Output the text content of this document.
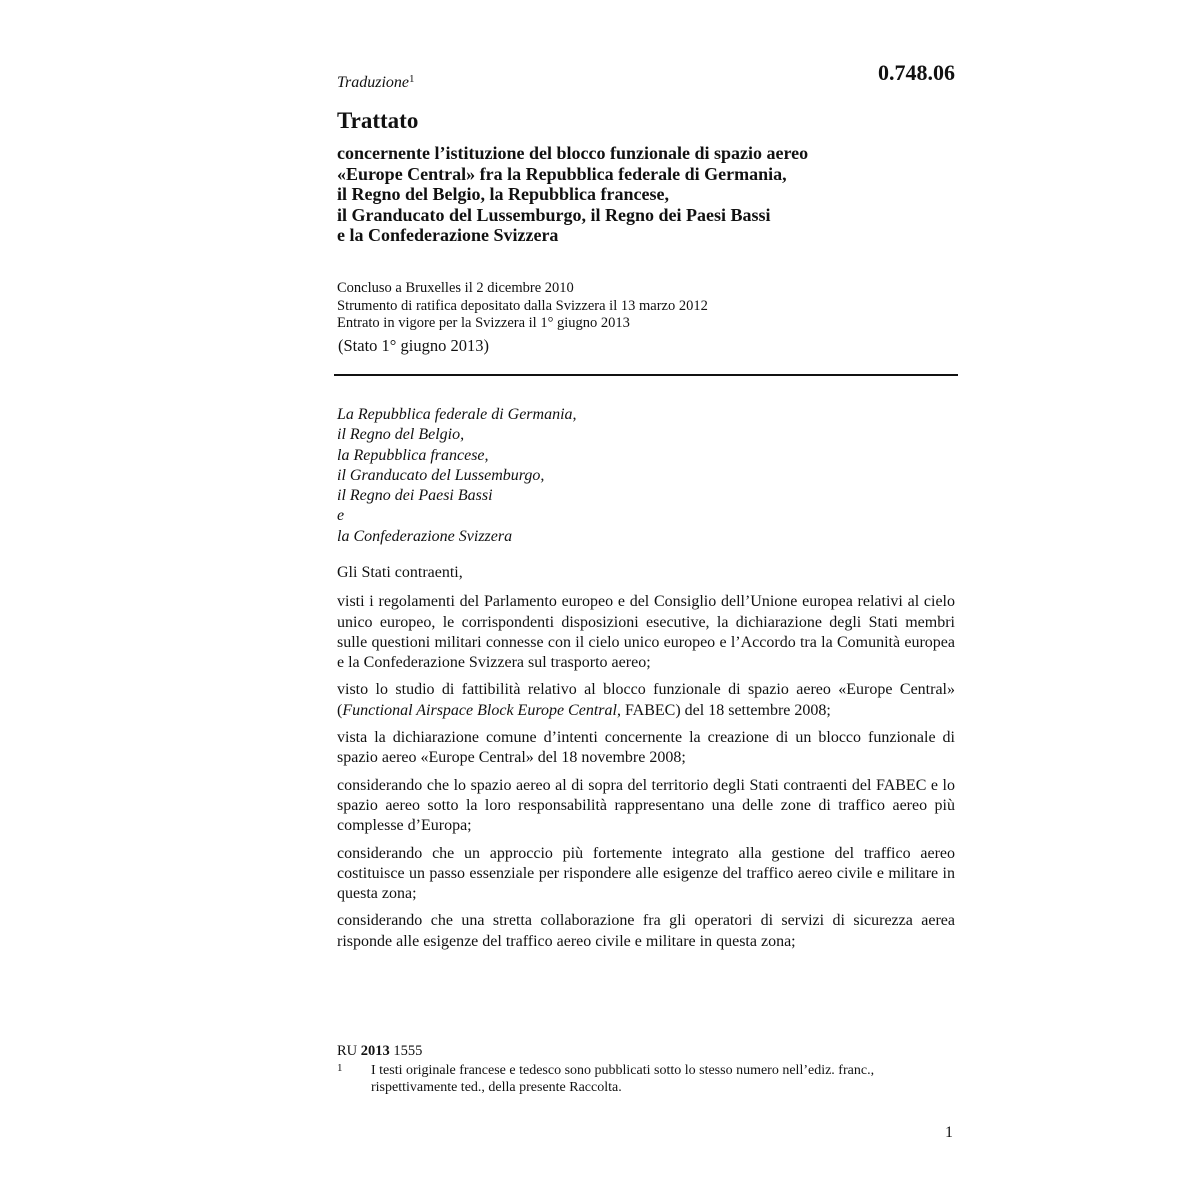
Traduzione$^1$	0.748.06
Trattato
concernente l’istituzione del blocco funzionale di spazio aereo
«Europe Central» fra la Repubblica federale di Germania,
il Regno del Belgio, la Repubblica francese,
il Granducato del Lussemburgo, il Regno dei Paesi Bassi
e la Confederazione Svizzera
Concluso a Bruxelles il 2 dicembre 2010
Strumento di ratifica depositato dalla Svizzera il 13 marzo 2012
Entrato in vigore per la Svizzera il 1° giugno 2013
(Stato 1° giugno 2013)
La Repubblica federale di Germania,
il Regno del Belgio,
la Repubblica francese,
il Granducato del Lussemburgo,
il Regno dei Paesi Bassi
e
la Confederazione Svizzera

Gli Stati contraenti,

visti i regolamenti del Parlamento europeo e del Consiglio dell’Unione europea relativi al cielo unico europeo, le corrispondenti disposizioni esecutive, la dichiarazione degli Stati membri sulle questioni militari connesse con il cielo unico europeo e l’Accordo tra la Comunità europea e la Confederazione Svizzera sul trasporto aereo;

visto lo studio di fattibilità relativo al blocco funzionale di spazio aereo «Europe Central» (Functional Airspace Block Europe Central, FABEC) del 18 settembre 2008;

vista la dichiarazione comune d’intenti concernente la creazione di un blocco funzionale di spazio aereo «Europe Central» del 18 novembre 2008;

considerando che lo spazio aereo al di sopra del territorio degli Stati contraenti del FABEC e lo spazio aereo sotto la loro responsabilità rappresentano una delle zone di traffico aereo più complesse d’Europa;

considerando che un approccio più fortemente integrato alla gestione del traffico aereo costituisce un passo essenziale per rispondere alle esigenze del traffico aereo civile e militare in questa zona;

considerando che una stretta collaborazione fra gli operatori di servizi di sicurezza aerea risponde alle esigenze del traffico aereo civile e militare in questa zona;

RU 2013 1555
1 I testi originale francese e tedesco sono pubblicati sotto lo stesso numero nell’ediz. franc., rispettivamente ted., della presente Raccolta.
1
